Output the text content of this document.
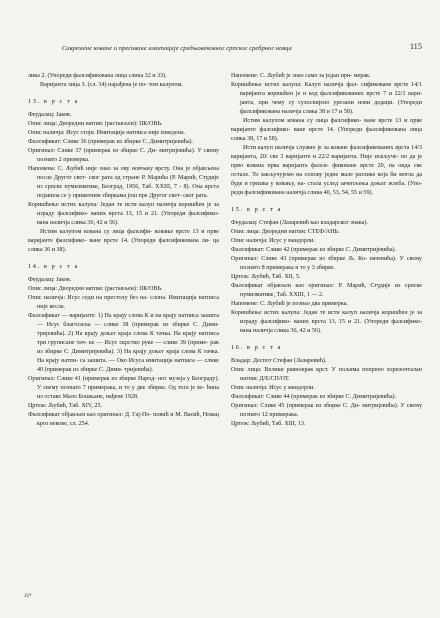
Савремене коване и пресоване имитације средњовековног српског сребрног новца	115

лика 2. (Упореди фалсификована лица слика 32 и 33).

Варијанта лица 3. (сл. 34) нарађена је по- том калупом.

13. в р с т а

Феудалац: Јаков.

Опис лица: Дворедни натпис (растављен): ІІК/ОВЬ.

Опис наличја: Исус стоји. Имитација натписа није изведена.

Фалсификат: Слике 36 (примерак из збирке С. Димитријевића).

Оригинал: Слике 37 (примерак из збирке С. Ди- митријевића). У свему познато 2 примерка.

Напомена: С. Љубић није знао за ову новчану врсту. Она је објављена после Другог свет- ског рата од стране Р. Марића (Р. Марић, Студије из српске нумизматике, Београд, 1956, Таб. XXIII, 7 - 8). Она врста појавила се у приватним збиркама још пре Другог свет- ског рата.

Коришћење истих калупа: Један те исти калуп наличја коришћен је за израду фалсифико- ваних врста 13, 15 и 21. (Упореди фалсифико- вана наличја слика 36, 42 и 56).

Истим калупом кована су лица фалсифи- ковање врсте 13 и прве варијанте фалсифико- ване врсте 14. (Упореди фалсификована ли- ца слика 36 и 38).

14. в р с т а

Феудалац: Јаков.

Опис лица: Дворедни натпис (растављен): ІІК/ОВЬ.

Опис наличја: Исус седи на престолу без на- слона. Имитација натписа није весла.

Фалсификат — варијанте: 1) На крају слова К и на крају натписа зашита — Исус благосиља — слике 38 (примерак из збирке С. Дими- тријевића). 2) На крају доњег краја слова К тачка. На крају натписа три груписане тач- ке — Исус скрстио руке — слике 39 (приме- рак из збирке С. Димитријевића). 3) На крају доњег краја слова К тачка. На крају натпи- са зашита. — Око Исуса имитација натписа — слике 40 (примерак из збирке С. Дими- тријевића).

Оригинал: Слике 41 (примерак из збирке Народ- ног музеја у Београду). У свему познато 7 примерака, и то у две збирке. Од тога је ве- ћина из оставе Мало Бошњане, нађене 1928.

Цртеж: Љубић, Таб. XIV, 25.

Фалсификат објављен као оригинал: Д. Гај-По- повић и М. Васић, Новац кроз векове, сл. 254.

Напомене: С. Љубић је знао само за један при- мерак.

Коришћење истих калупа: Калуп наличја фал- сификоване врсте 14/1 варијанта коришћен је и код фалсификованих врсте 7 и 22/1 вари- јанта, при чему су сухосвијено урезани нови додаци. (Упореди фалсификована наличја слика 38 и 17 и 58).

Истим калупом кована су лица фалсифико- ване врсте 13 и прве варијанте фалсифико- ване врсте 14. (Упореди фалсификована лица слика 38, 17 и 58).

Исти калуп наличја служио је за коване фалсификованих врста 14/3 варијанта, 20/ све 3 варијанте и 22/2 варијанта. Није искључе- но да је прво кована прва варијанта фалси- фиковане врсте 20, па онда све остале. То закључујемо на основу једне мале разлике која би могла да буде и грешка у ковању, на- стала услед зачепљења доњег жлеба. (Упо- реди фалсификована наличја слика 40, 53, 54, 55 и 59).

15. в р с т а

Феудалац: Стефан (Лазаревић као владарског знака).

Опис лица: Дворедни натпис СТЕФ/АНЬ.

Опис наличја: Исус у мандорли.

Фалсификат: Слике 42 (примерак из збирке С. Димитријевића).

Оригинал: Слике 43 (примерак из збирке Љ. Ко- вачевића). У свему познато 8 примерака и то у 3 збирке.

Цртеж: Љубић, Таб. XII, 5.

Фалсификат објављен као оригинал: Р. Марић, Студије из српске нумизматике, Таб. XXIII, 1 — 2.

Напомене: С. Љубић је познао два примерка.

Коришћење истих калупа: Један те исти калуп наличја коришћен је за израду фалсифико- ваних врста 13, 15 и 21. (Упореди фалсифико- вана наличја слика 36, 42 и 56).

16. в р с т а

Владар: Деспот Стефан (Лазаревић).

Опис лица: Велики равнокрак крст. У пољима попрено хоризонталан натпис Д/Е/СП/ОТ.

Опис наличја: Исус у мандорли.

Фалсификат: Слике 44 (примерак из збирке С. Димитријевића).

Оригинал: Слике 45 (примерак из збирке С. Ди- митријевића). У свему познато 12 примерака.

Цртеж: Љубић, Таб. XIII, 13.

15*
